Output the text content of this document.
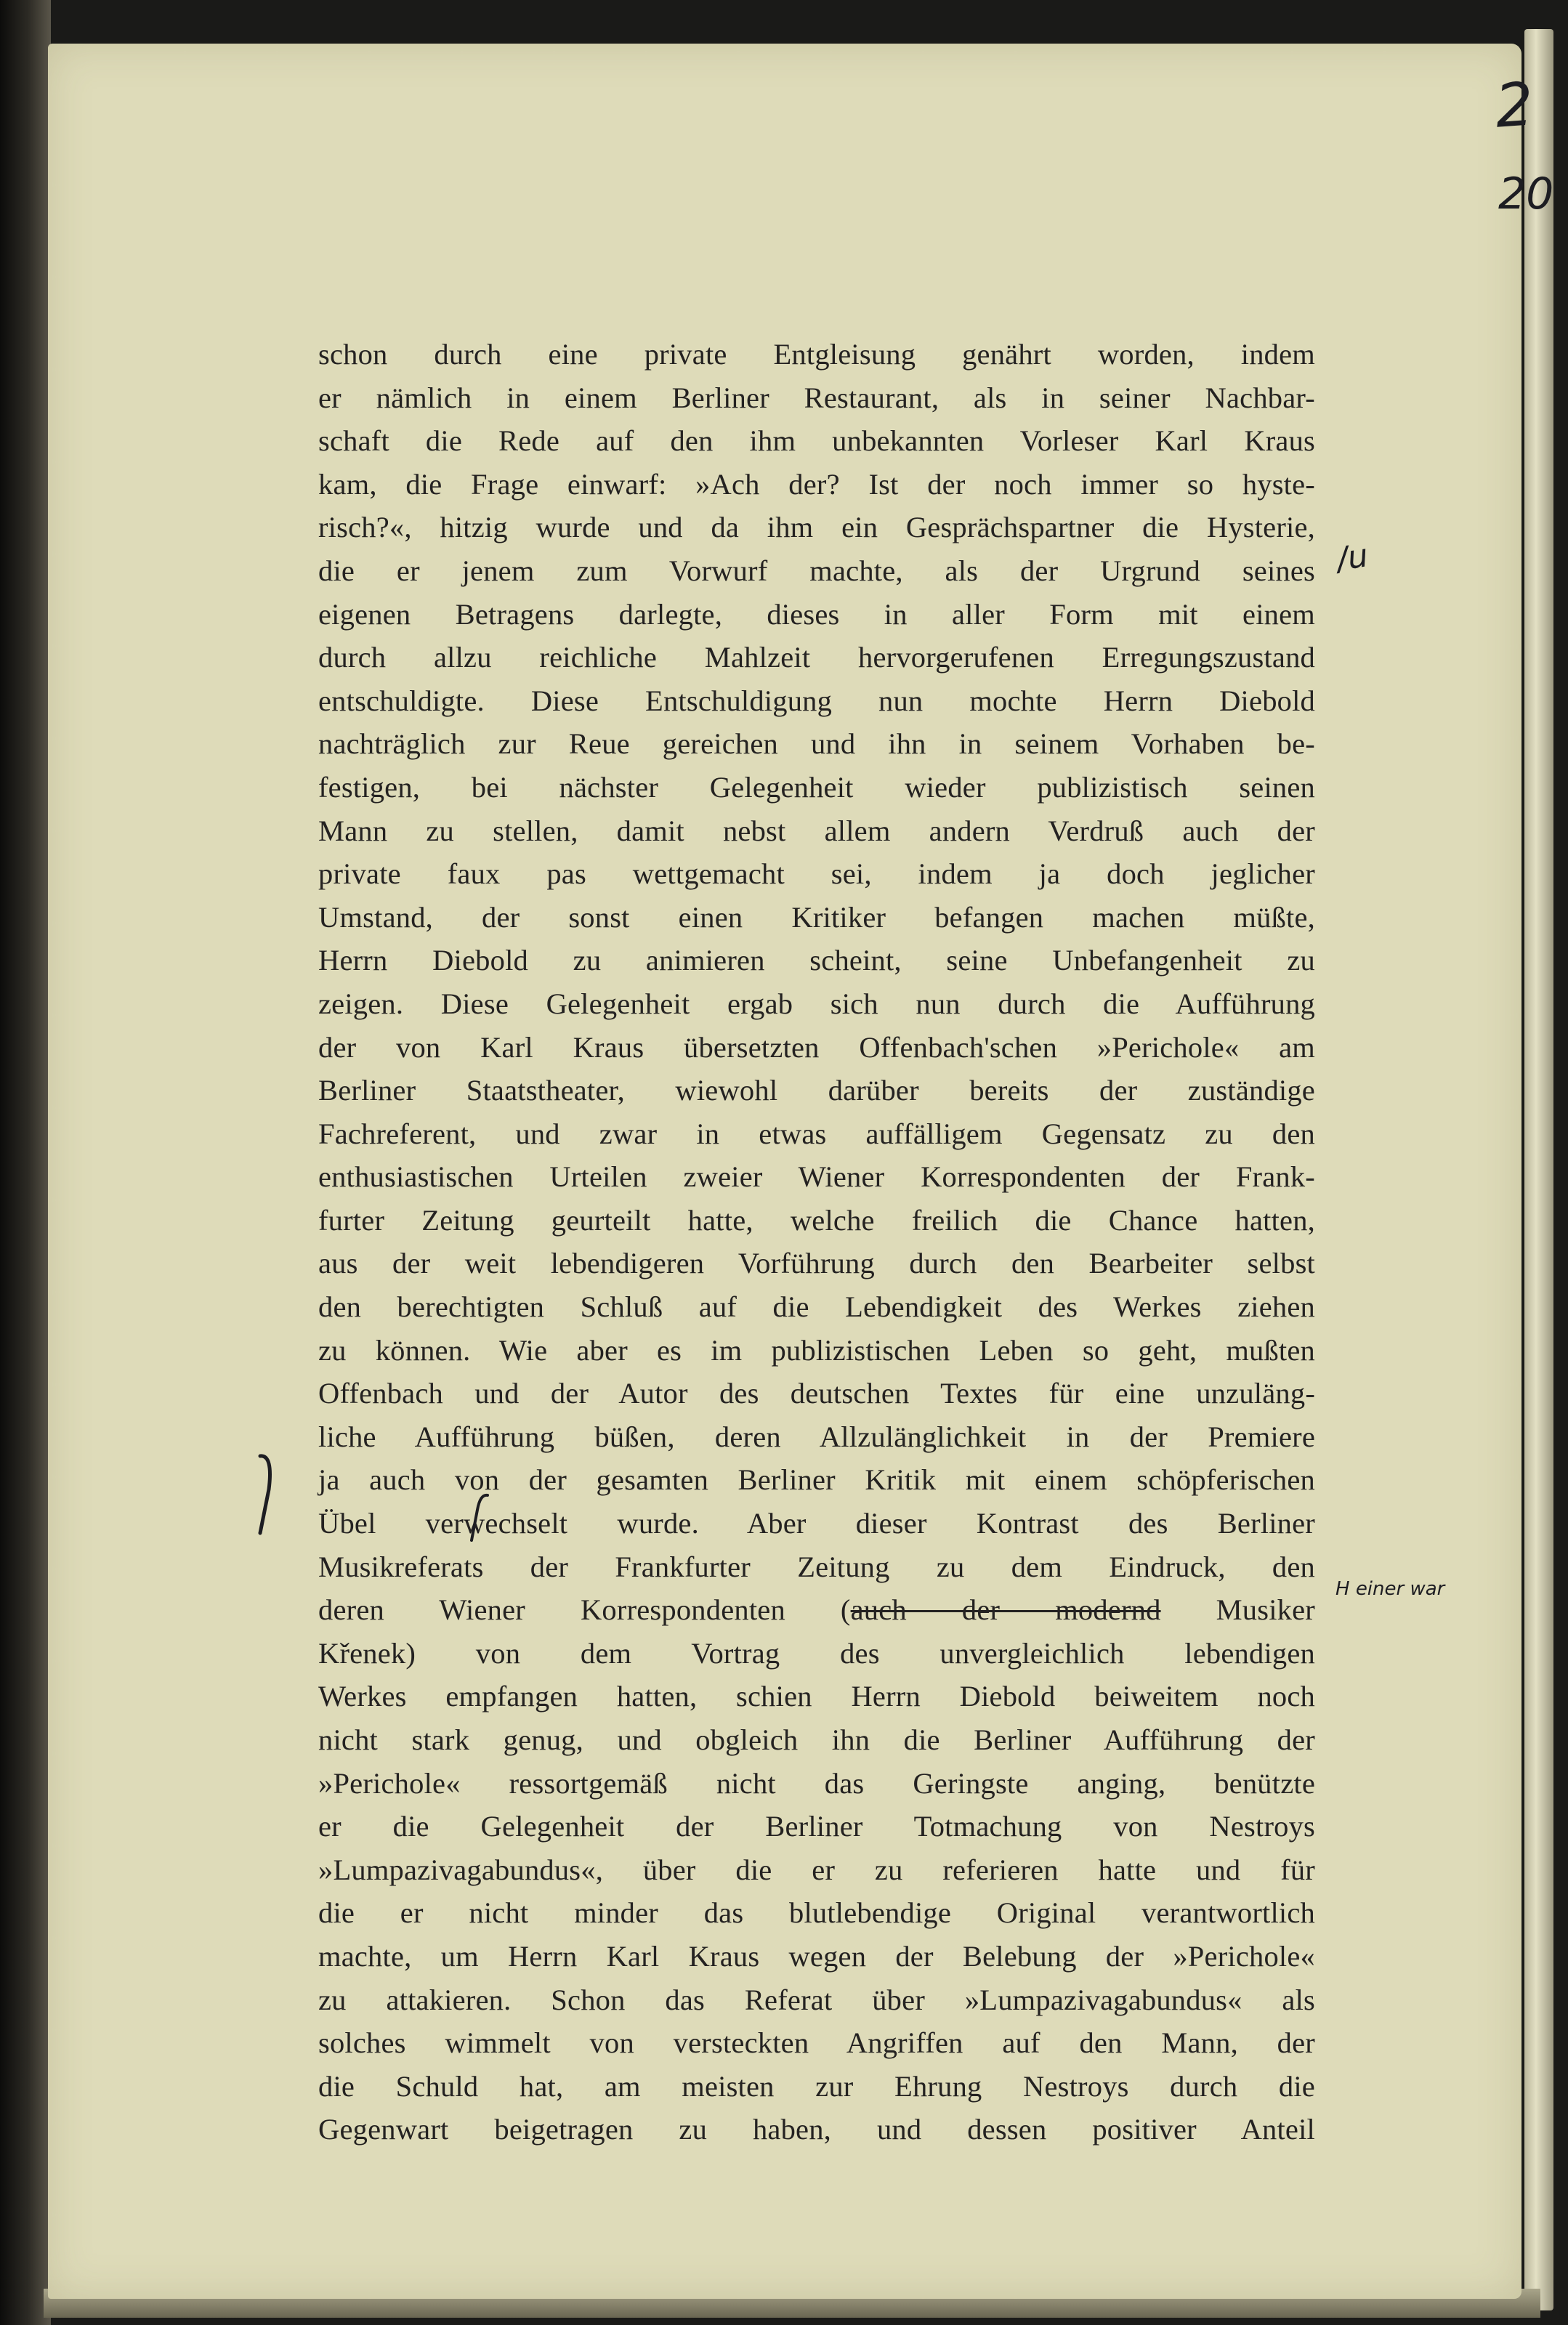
2
20
schon durch eine private Entgleisung genährt worden, indem
er nämlich in einem Berliner Restaurant, als in seiner Nachbar-
schaft die Rede auf den ihm unbekannten Vorleser Karl Kraus
kam, die Frage einwarf: »Ach der? Ist der noch immer so hyste-
risch?«, hitzig wurde und da ihm ein Gesprächspartner die Hysterie,
die er jenem zum Vorwurf machte, als der Urgrund seines
eigenen Betragens darlegte, dieses in aller Form mit einem
durch allzu reichliche Mahlzeit hervorgerufenen Erregungszustand
entschuldigte. Diese Entschuldigung nun mochte Herrn Diebold
nachträglich zur Reue gereichen und ihn in seinem Vorhaben be-
festigen, bei nächster Gelegenheit wieder publizistisch seinen
Mann zu stellen, damit nebst allem andern Verdruß auch der
private faux pas wettgemacht sei, indem ja doch jeglicher
Umstand, der sonst einen Kritiker befangen machen müßte,
Herrn Diebold zu animieren scheint, seine Unbefangenheit zu
zeigen. Diese Gelegenheit ergab sich nun durch die Aufführung
der von Karl Kraus übersetzten Offenbach'schen »Perichole« am
Berliner Staatstheater, wiewohl darüber bereits der zuständige
Fachreferent, und zwar in etwas auffälligem Gegensatz zu den
enthusiastischen Urteilen zweier Wiener Korrespondenten der Frank-
furter Zeitung geurteilt hatte, welche freilich die Chance hatten,
aus der weit lebendigeren Vorführung durch den Bearbeiter selbst
den berechtigten Schluß auf die Lebendigkeit des Werkes ziehen
zu können. Wie aber es im publizistischen Leben so geht, mußten
Offenbach und der Autor des deutschen Textes für eine unzuläng-
liche Aufführung büßen, deren Allzulänglichkeit in der Premiere
ja auch von der gesamten Berliner Kritik mit einem schöpferischen
Übel verwechselt wurde. Aber dieser Kontrast des Berliner
Musikreferats der Frankfurter Zeitung zu dem Eindruck, den
deren Wiener Korrespondenten (auch der modernd Musiker
Křenek) von dem Vortrag des unvergleichlich lebendigen
Werkes empfangen hatten, schien Herrn Diebold beiweitem noch
nicht stark genug, und obgleich ihn die Berliner Aufführung der
»Perichole« ressortgemäß nicht das Geringste anging, benützte
er die Gelegenheit der Berliner Totmachung von Nestroys
»Lumpazivagabundus«, über die er zu referieren hatte und für
die er nicht minder das blutlebendige Original verantwortlich
machte, um Herrn Karl Kraus wegen der Belebung der »Perichole«
zu attakieren. Schon das Referat über »Lumpazivagabundus« als
solches wimmelt von versteckten Angriffen auf den Mann, der
die Schuld hat, am meisten zur Ehrung Nestroys durch die
Gegenwart beigetragen zu haben, und dessen positiver Anteil
/u
H einer war
